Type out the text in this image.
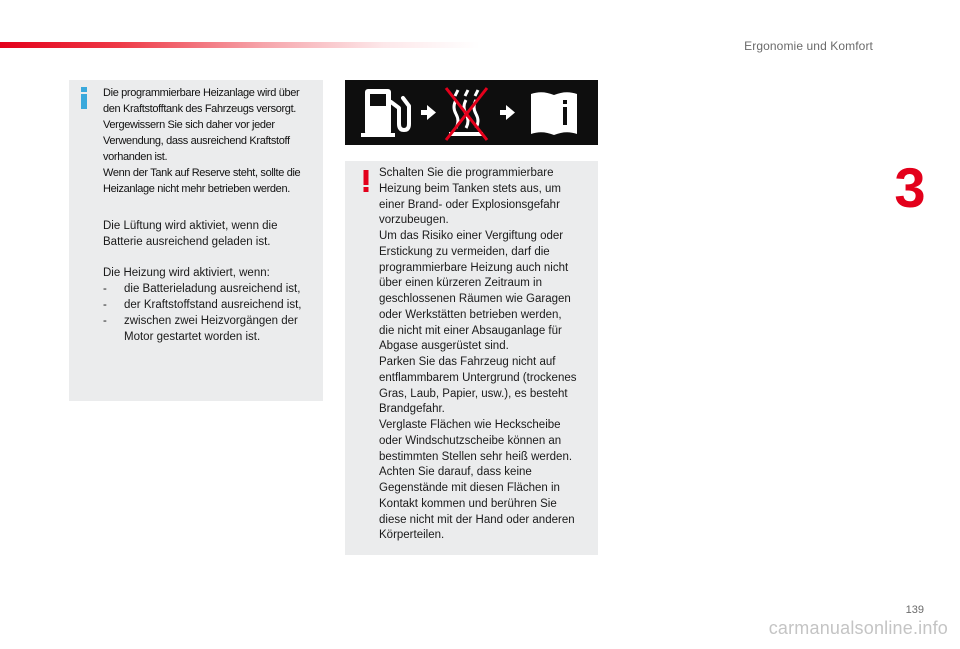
Ergonomie und Komfort
3
Die programmierbare Heizanlage wird über
den Kraftstofftank des Fahrzeugs versorgt.
Vergewissern Sie sich daher vor jeder
Verwendung, dass ausreichend Kraftstoff
vorhanden ist.
Wenn der Tank auf Reserve steht, sollte die
Heizanlage nicht mehr betrieben werden.
Die Lüftung wird aktiviet, wenn die
Batterie ausreichend geladen ist.
Die Heizung wird aktiviert, wenn:
-	die Batterieladung ausreichend ist,
-	der Kraftstoffstand ausreichend ist,
-	zwischen zwei Heizvorgängen der
Motor gestartet worden ist.
Schalten Sie die programmierbare
Heizung beim Tanken stets aus, um
einer Brand- oder Explosionsgefahr
vorzubeugen.
Um das Risiko einer Vergiftung oder
Erstickung zu vermeiden, darf die
programmierbare Heizung auch nicht
über einen kürzeren Zeitraum in
geschlossenen Räumen wie Garagen
oder Werkstätten betrieben werden,
die nicht mit einer Absauganlage für
Abgase ausgerüstet sind.
Parken Sie das Fahrzeug nicht auf
entflammbarem Untergrund (trockenes
Gras, Laub, Papier, usw.), es besteht
Brandgefahr.
Verglaste Flächen wie Heckscheibe
oder Windschutzscheibe können an
bestimmten Stellen sehr heiß werden.
Achten Sie darauf, dass keine
Gegenstände mit diesen Flächen in
Kontakt kommen und berühren Sie
diese nicht mit der Hand oder anderen
Körperteilen.
139
carmanualsonline.info
